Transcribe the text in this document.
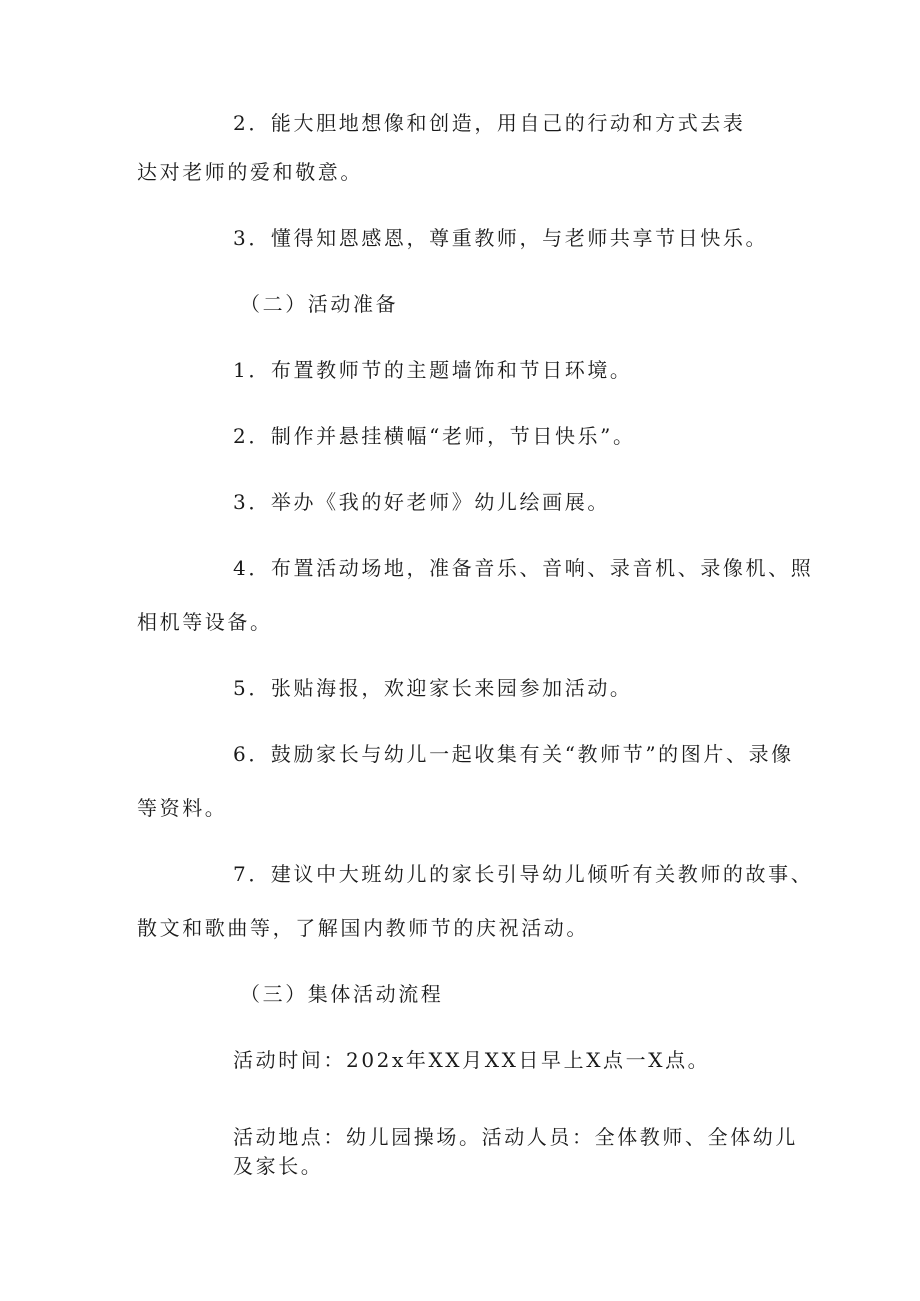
2．能大胆地想像和创造，用自己的行动和方式去表
达对老师的爱和敬意。
3．懂得知恩感恩，尊重教师，与老师共享节日快乐。
（二）活动准备
1．布置教师节的主题墙饰和节日环境。
2．制作并悬挂横幅“老师，节日快乐”。
3．举办《我的好老师》幼儿绘画展。
4．布置活动场地，准备音乐、音响、录音机、录像机、照
相机等设备。
5．张贴海报，欢迎家长来园参加活动。
6．鼓励家长与幼儿一起收集有关“教师节”的图片、录像
等资料。
7．建议中大班幼儿的家长引导幼儿倾听有关教师的故事、
散文和歌曲等，了解国内教师节的庆祝活动。
（三）集体活动流程
活动时间：202x年XX月XX日早上X点一X点。
活动地点：幼儿园操场。活动人员：全体教师、全体幼儿
及家长。
